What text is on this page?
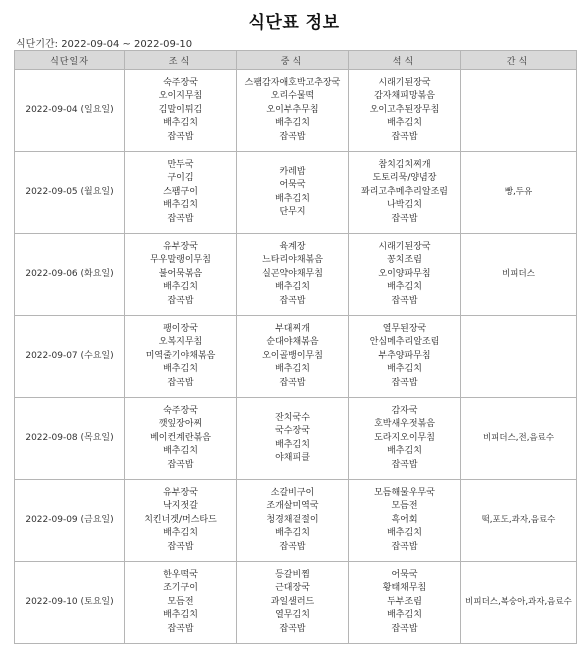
식단표 정보
식단기간: 2022-09-04 ~ 2022-09-10
식단일자	조식	중식	석식	간식
2022-09-04 (일요일)	숙주장국
오이지무침
김말이튀김
배추김치
잡곡밥	스팸감자애호박고추장국
오리수물떡
오이부추무침
배추김치
잡곡밥	시래기된장국
감자채피망볶음
오이고추된장무침
배추김치
잡곡밥	

2022-09-05 (월요일)	만두국
구이김
스팸구이
배추김치
잡곡밥	카레밥
어묵국
배추김치
단무지	참치김치찌개
도토리묵/양념장
꽈리고추메추리알조림
나박김치
잡곡밥	빵,두유
2022-09-06 (화요일)	유부장국
무우말랭이무침
불어묵볶음
배추김치
잡곡밥	육계장
느타리야채볶음
실곤약야채무침
배추김치
잡곡밥	시래기된장국
꽁치조림
오이양파무침
배추김치
잡곡밥	비피더스
2022-09-07 (수요일)	팽이장국
오복지무침
미역줄기야채볶음
배추김치
잡곡밥	부대찌개
순대야채볶음
오이골뱅이무침
배추김치
잡곡밥	열무된장국
안심메추리알조림
부추양파무침
배추김치
잡곡밥	

2022-09-08 (목요일)	숙주장국
깻잎장아찌
베이컨계란볶음
배추김치
잡곡밥	잔치국수
국수장국
배추김치
야채피클	감자국
호박새우젓볶음
도라지오이무침
배추김치
잡곡밥	비피더스,전,음료수
2022-09-09 (금요일)	유부장국
낙지젓갈
치킨너겟/머스타드
배추김치
잡곡밥	소갈비구이
조개살미역국
청경채겉절이
배추김치
잡곡밥	모듬해물우무국
모듬전
흑어회
배추김치
잡곡밥	떡,포도,과자,음료수
2022-09-10 (토요일)	한우떡국
조기구이
모듬전
배추김치
잡곡밥	등갈비찜
근대장국
과일샐러드
열무김치
잡곡밥	어묵국
황태채무침
두부조림
배추김치
잡곡밥	비피더스,복숭아,과자,음료수
